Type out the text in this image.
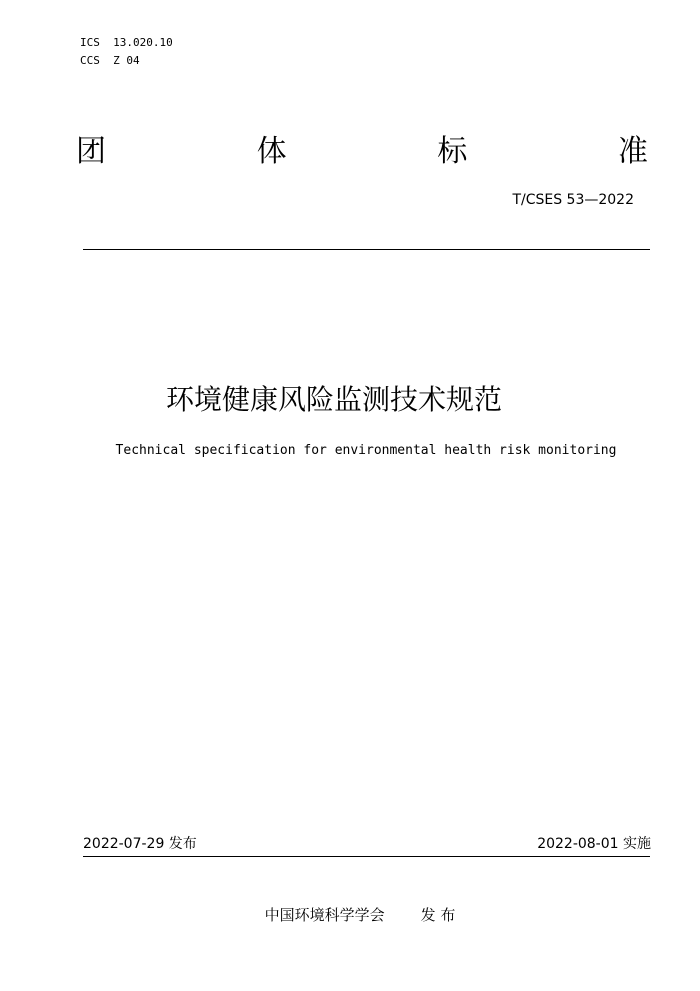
ICS  13.020.10
CCS  Z 04
团	体	标	准
T/CSES 53—2022
环境健康风险监测技术规范
Technical specification for environmental health risk monitoring
2022-07-29 发布	2022-08-01 实施
中国环境科学学会 发 布
